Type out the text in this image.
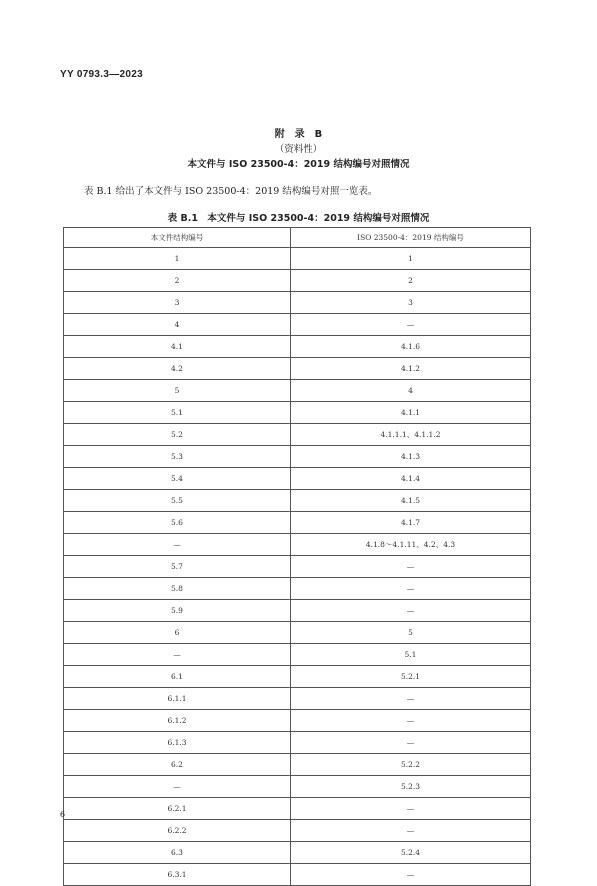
YY 0793.3—2023
附　录　B
（资料性）
本文件与 ISO 23500-4：2019 结构编号对照情况
表 B.1 给出了本文件与 ISO 23500-4：2019 结构编号对照一览表。
表 B.1　本文件与 ISO 23500-4：2019 结构编号对照情况
本文件结构编号	ISO 23500-4：2019 结构编号
1	1
2	2
3	3
4	—
4.1	4.1.6
4.2	4.1.2
5	4
5.1	4.1.1
5.2	4.1.1.1、4.1.1.2
5.3	4.1.3
5.4	4.1.4
5.5	4.1.5
5.6	4.1.7
—	4.1.8～4.1.11、4.2、4.3
5.7	—
5.8	—
5.9	—
6	5
—	5.1
6.1	5.2.1
6.1.1	—
6.1.2	—
6.1.3	—
6.2	5.2.2
—	5.2.3
6.2.1	—
6.2.2	—
6.3	5.2.4
6.3.1	—
6
